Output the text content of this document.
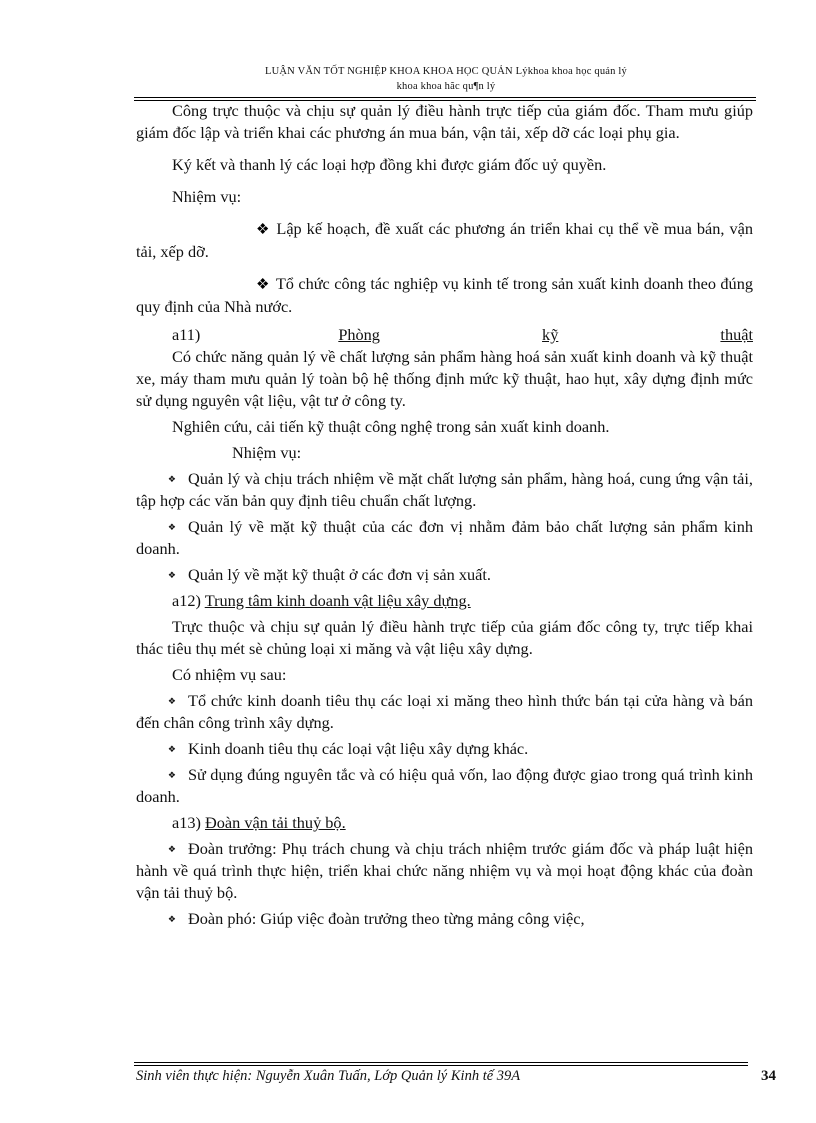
LUẬN VĂN TỐT NGHIỆP KHOA KHOA HỌC QUẢN Lýkhoa khoa học quản lý
khoa khoa hãc qu¶n lý

Công trực thuộc và chịu sự quản lý điều hành trực tiếp của giám đốc. Tham mưu giúp giám đốc lập và triển khai các phương án mua bán, vận tải, xếp dỡ các loại phụ gia.

Ký kết và thanh lý các loại hợp đồng khi được giám đốc uỷ quyền.

Nhiệm vụ:

❖ Lập kế hoạch, đề xuất các phương án triển khai cụ thể về mua bán, vận tải, xếp dỡ.

❖ Tổ chức công tác nghiệp vụ kinh tế trong sản xuất kinh doanh theo đúng quy định của Nhà nước.

a11)	Phòng	kỹ	thuật

Có chức năng quản lý về chất lượng sản phẩm hàng hoá sản xuất kinh doanh và kỹ thuật xe, máy tham mưu quản lý toàn bộ hệ thống định mức kỹ thuật, hao hụt, xây dựng định mức sử dụng nguyên vật liệu, vật tư ở công ty.

Nghiên cứu, cải tiến kỹ thuật công nghệ trong sản xuất kinh doanh.

Nhiệm vụ:

❖ Quản lý và chịu trách nhiệm về mặt chất lượng sản phẩm, hàng hoá, cung ứng vận tải, tập hợp các văn bản quy định tiêu chuẩn chất lượng.

❖ Quản lý về mặt kỹ thuật của các đơn vị nhằm đảm bảo chất lượng sản phẩm kinh doanh.

❖ Quản lý về mặt kỹ thuật ở các đơn vị sản xuất.

a12) Trung tâm kinh doanh vật liệu xây dựng.

Trực thuộc và chịu sự quản lý điều hành trực tiếp của giám đốc công ty, trực tiếp khai thác tiêu thụ mét sè chủng loại xi măng và vật liệu xây dựng.

Có nhiệm vụ sau:

❖ Tổ chức kinh doanh tiêu thụ các loại xi măng theo hình thức bán tại cửa hàng và bán đến chân công trình xây dựng.

❖ Kinh doanh tiêu thụ các loại vật liệu xây dựng khác.

❖ Sử dụng đúng nguyên tắc và có hiệu quả vốn, lao động được giao trong quá trình kinh doanh.

a13) Đoàn vận tải thuỷ bộ.

❖ Đoàn trưởng: Phụ trách chung và chịu trách nhiệm trước giám đốc và pháp luật hiện hành về quá trình thực hiện, triển khai chức năng nhiệm vụ và mọi hoạt động khác của đoàn vận tải thuỷ bộ.

❖ Đoàn phó: Giúp việc đoàn trưởng theo từng mảng công việc,

Sinh viên thực hiện: Nguyễn Xuân Tuấn, Lớp Quản lý Kinh tế 39A	34
